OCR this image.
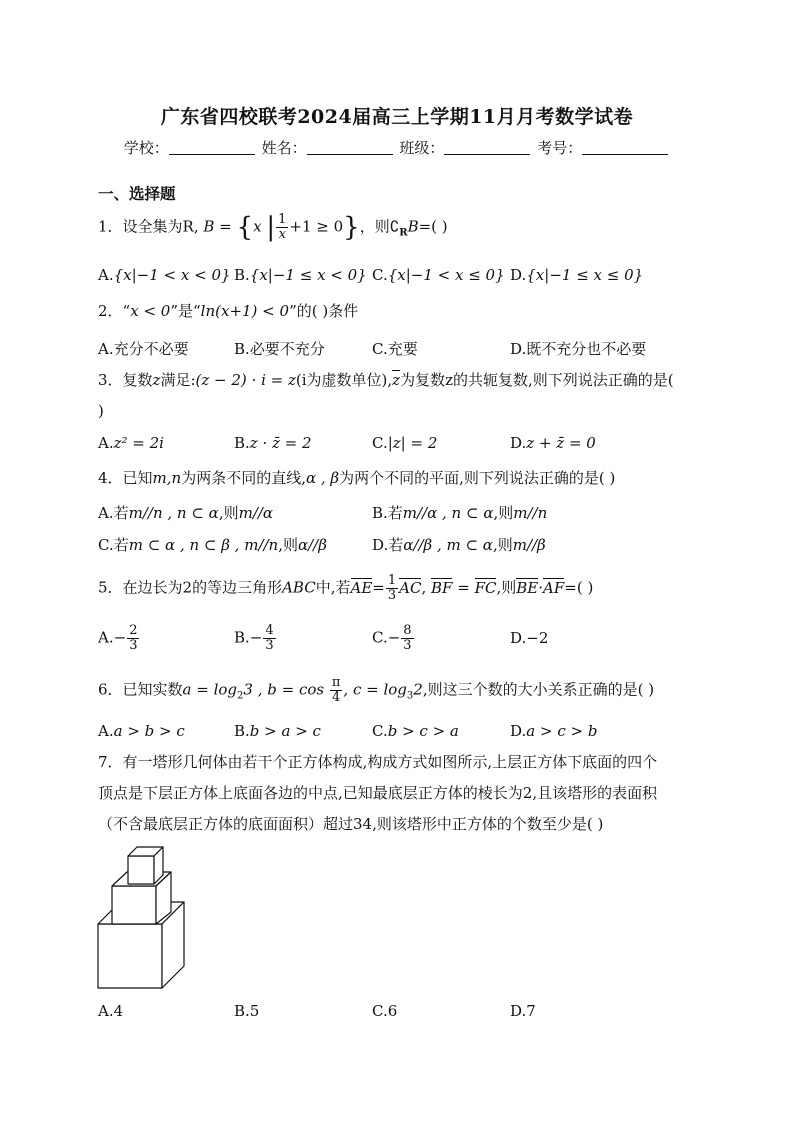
广东省四校联考2024届高三上学期11月月考数学试卷
学校：	姓名：	班级：	考号：
一、选择题
1．设全集为R, B = {x | $\frac{1}{x} +1 \ge 0$}，则$∁_RB=$( )
A.{x|−1 < x < 0} B.{x|−1 ≤ x < 0} C.{x|−1 < x ≤ 0} D.{x|−1 ≤ x ≤ 0}
2．“x < 0”是“ln(x+1) < 0”的( )条件
A.充分不必要	B.必要不充分	C.充要	D.既不充分也不必要
3．复数z满足:(z − 2) · i = z(i为虚数单位)$,\overline{z}$为复数z的共轭复数,则下列说法正确的是(
)
A.z² = 2i	B.z · z̄ = 2	C.|z| = 2	D.z + z̄ = 0
4．已知m,n为两条不同的直线,α , β为两个不同的平面,则下列说法正确的是( )
A.若m//n , n ⊂ α,则m//α	B.若m//α , n ⊂ α,则m//n
C.若m ⊂ α , n ⊂ β , m//n,则α//β	D.若α//β , m ⊂ α,则m//β
5．在边长为2的等边三角形ABC中,若$AE= \frac{1}{3}$ AC, BF = FC,则BE·AF=( )
$A.- \frac{2}{3}$	$B.- \frac{4}{3}$	$C.- \frac{8}{3}$	D.−2
6．已知实数$a = \log_23$ , $b = \cos \frac{\pi}{4}$ , $c = \log_32$,则这三个数的大小关系正确的是( )
A.a > b > c	B.b > a > c	C.b > c > a	D.a > c > b
7．有一塔形几何体由若干个正方体构成,构成方式如图所示,上层正方体下底面的四个
顶点是下层正方体上底面各边的中点,已知最底层正方体的棱长为2,且该塔形的表面积
（不含最底层正方体的底面面积）超过34,则该塔形中正方体的个数至少是( )
A.4	B.5	C.6	D.7
